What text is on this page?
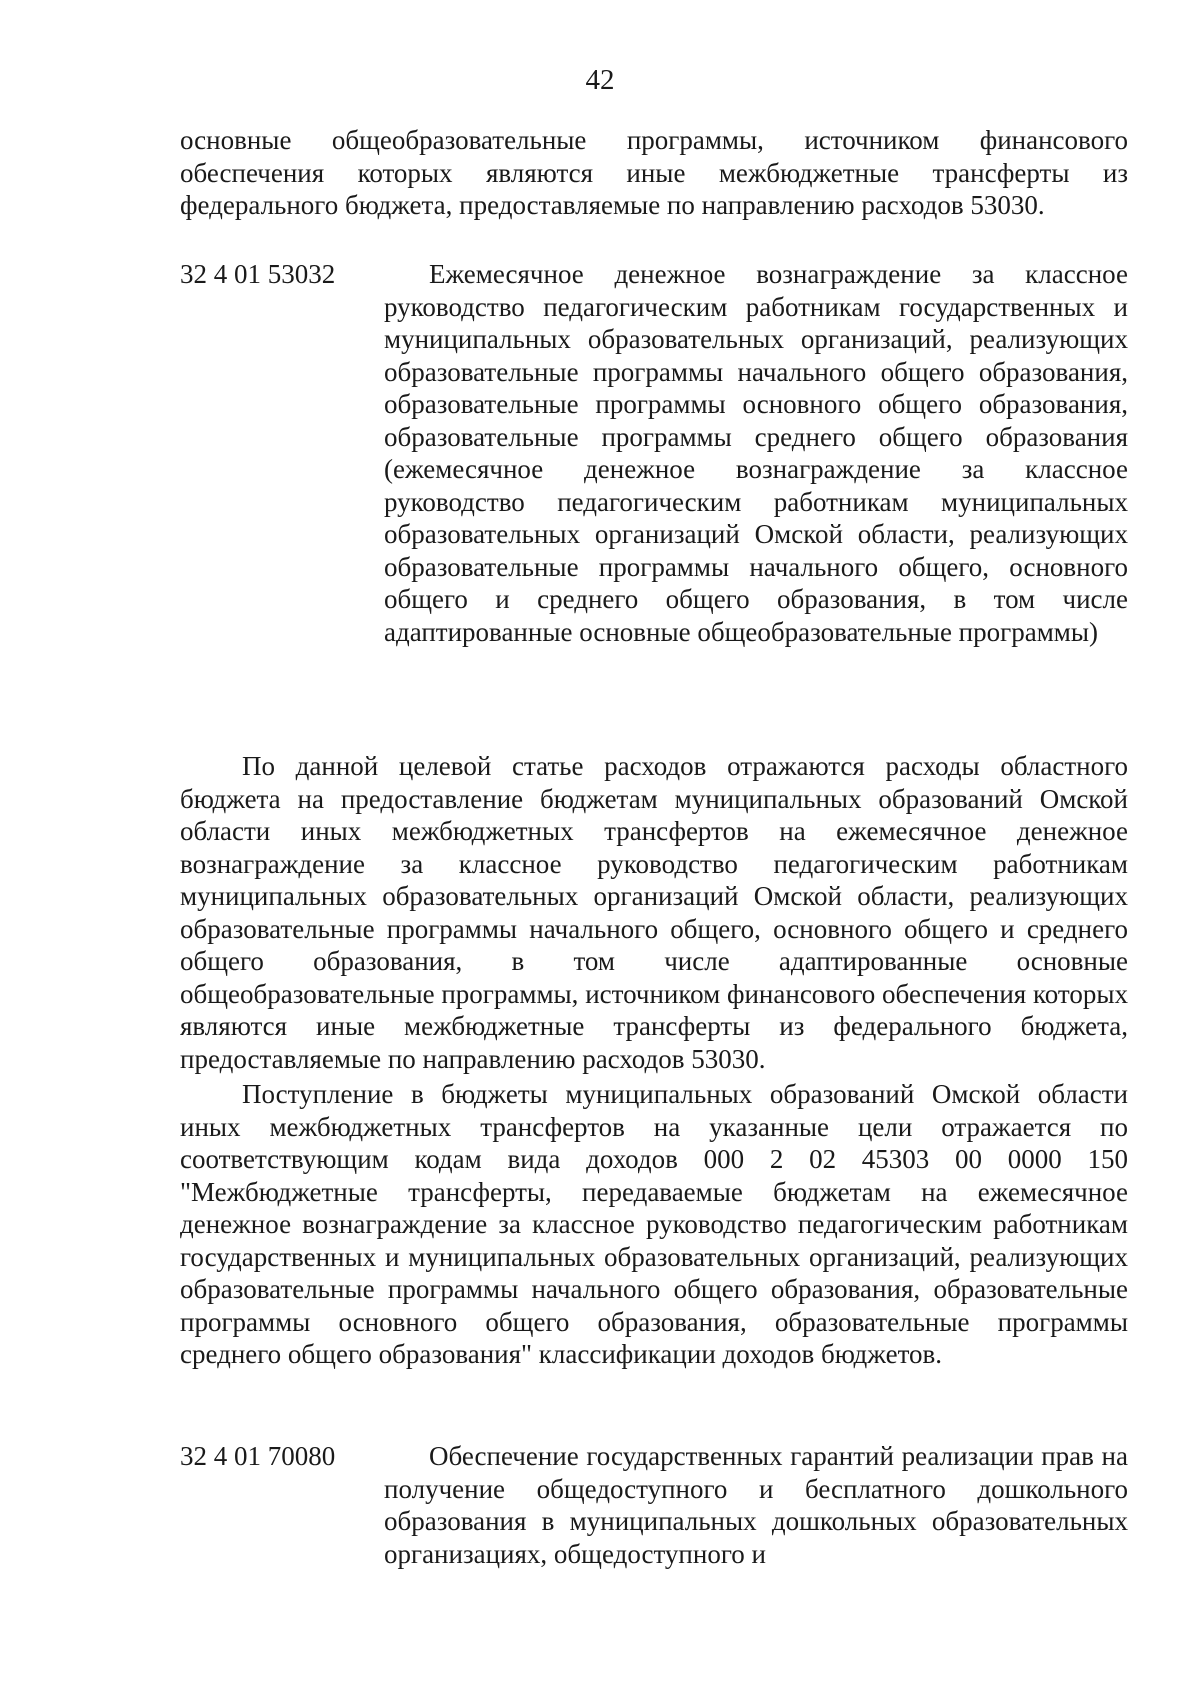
42

основные общеобразовательные программы, источником финансового обеспечения которых являются иные межбюджетные трансферты из федерального бюджета, предоставляемые по направлению расходов 53030.

32 4 01 53032	Ежемесячное денежное вознаграждение за классное руководство педагогическим работникам государственных и муниципальных образовательных организаций, реализующих образовательные программы начального общего образования, образовательные программы основного общего образования, образовательные программы среднего общего образования (ежемесячное денежное вознаграждение за классное руководство педагогическим работникам муниципальных образовательных организаций Омской области, реализующих образовательные программы начального общего, основного общего и среднего общего образования, в том числе адаптированные основные общеобразовательные программы)

По данной целевой статье расходов отражаются расходы областного бюджета на предоставление бюджетам муниципальных образований Омской области иных межбюджетных трансфертов на ежемесячное денежное вознаграждение за классное руководство педагогическим работникам муниципальных образовательных организаций Омской области, реализующих образовательные программы начального общего, основного общего и среднего общего образования, в том числе адаптированные основные общеобразовательные программы, источником финансового обеспечения которых являются иные межбюджетные трансферты из федерального бюджета, предоставляемые по направлению расходов 53030.

Поступление в бюджеты муниципальных образований Омской области иных межбюджетных трансфертов на указанные цели отражается по соответствующим кодам вида доходов 000 2 02 45303 00 0000 150 "Межбюджетные трансферты, передаваемые бюджетам на ежемесячное денежное вознаграждение за классное руководство педагогическим работникам государственных и муниципальных образовательных организаций, реализующих образовательные программы начального общего образования, образовательные программы основного общего образования, образовательные программы среднего общего образования" классификации доходов бюджетов.

32 4 01 70080	Обеспечение государственных гарантий реализации прав на получение общедоступного и бесплатного дошкольного образования в муниципальных дошкольных образовательных организациях, общедоступного и
